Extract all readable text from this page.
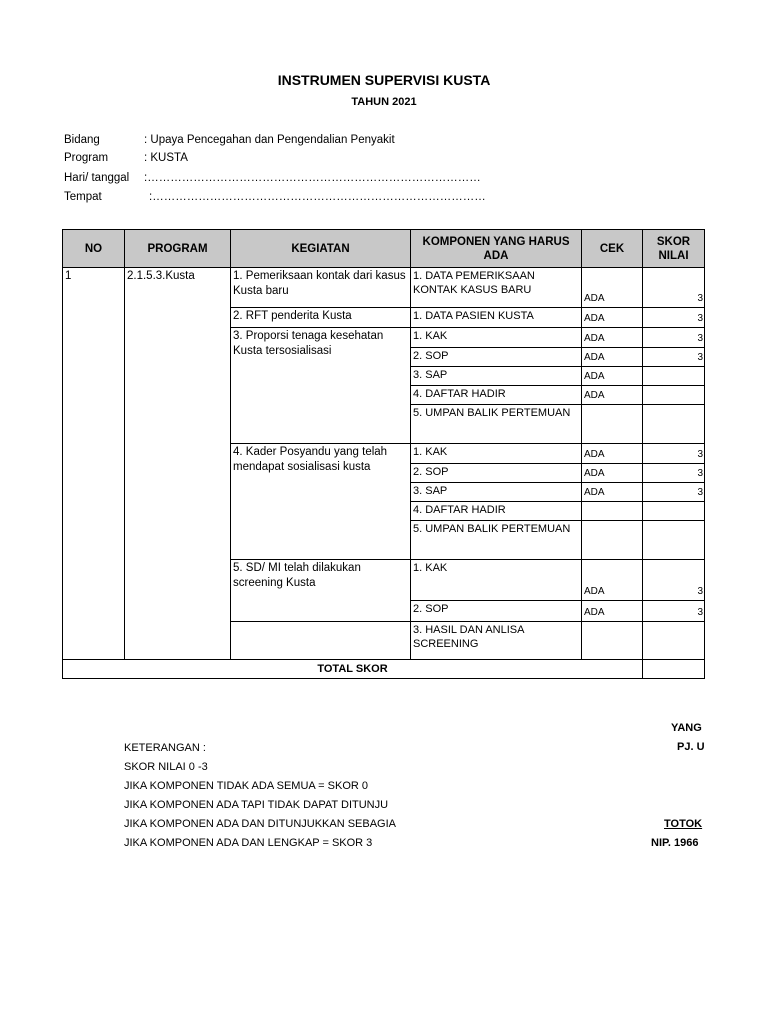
INSTRUMEN SUPERVISI KUSTA
TAHUN 2021
Bidang	: Upaya Pencegahan dan Pengendalian Penyakit
Program	: KUSTA
Hari/ tanggal :……………………………………………………………………………
Tempat	:……………………………………………………………………………
NO	PROGRAM	KEGIATAN	KOMPONEN YANG HARUS ADA	CEK	SKOR NILAI
1	2.1.5.3.Kusta	1. Pemeriksaan kontak dari kasus Kusta baru	1. DATA PEMERIKSAAN KONTAK KASUS BARU	ADA	3
		2. RFT penderita Kusta	1. DATA PASIEN KUSTA	ADA	3
		3. Proporsi tenaga kesehatan Kusta tersosialisasi	1. KAK	ADA	3
			2. SOP	ADA	3
			3. SAP	ADA	
			4. DAFTAR HADIR	ADA	
			5. UMPAN BALIK PERTEMUAN		
		4. Kader Posyandu yang telah mendapat sosialisasi kusta	1. KAK	ADA	3
			2. SOP	ADA	3
			3. SAP	ADA	3
			4. DAFTAR HADIR		
			5. UMPAN BALIK PERTEMUAN		
		5. SD/ MI telah dilakukan screening Kusta	1. KAK	ADA	3
			2. SOP	ADA	3
			3. HASIL DAN ANLISA SCREENING		
TOTAL SKOR					
KETERANGAN :
SKOR NILAI 0 -3
JIKA KOMPONEN TIDAK ADA SEMUA = SKOR 0
JIKA KOMPONEN ADA TAPI TIDAK DAPAT DITUNJU
JIKA KOMPONEN ADA DAN DITUNJUKKAN SEBAGIA
JIKA KOMPONEN ADA DAN LENGKAP = SKOR 3
YANG
PJ. U
TOTOK
NIP. 1966
